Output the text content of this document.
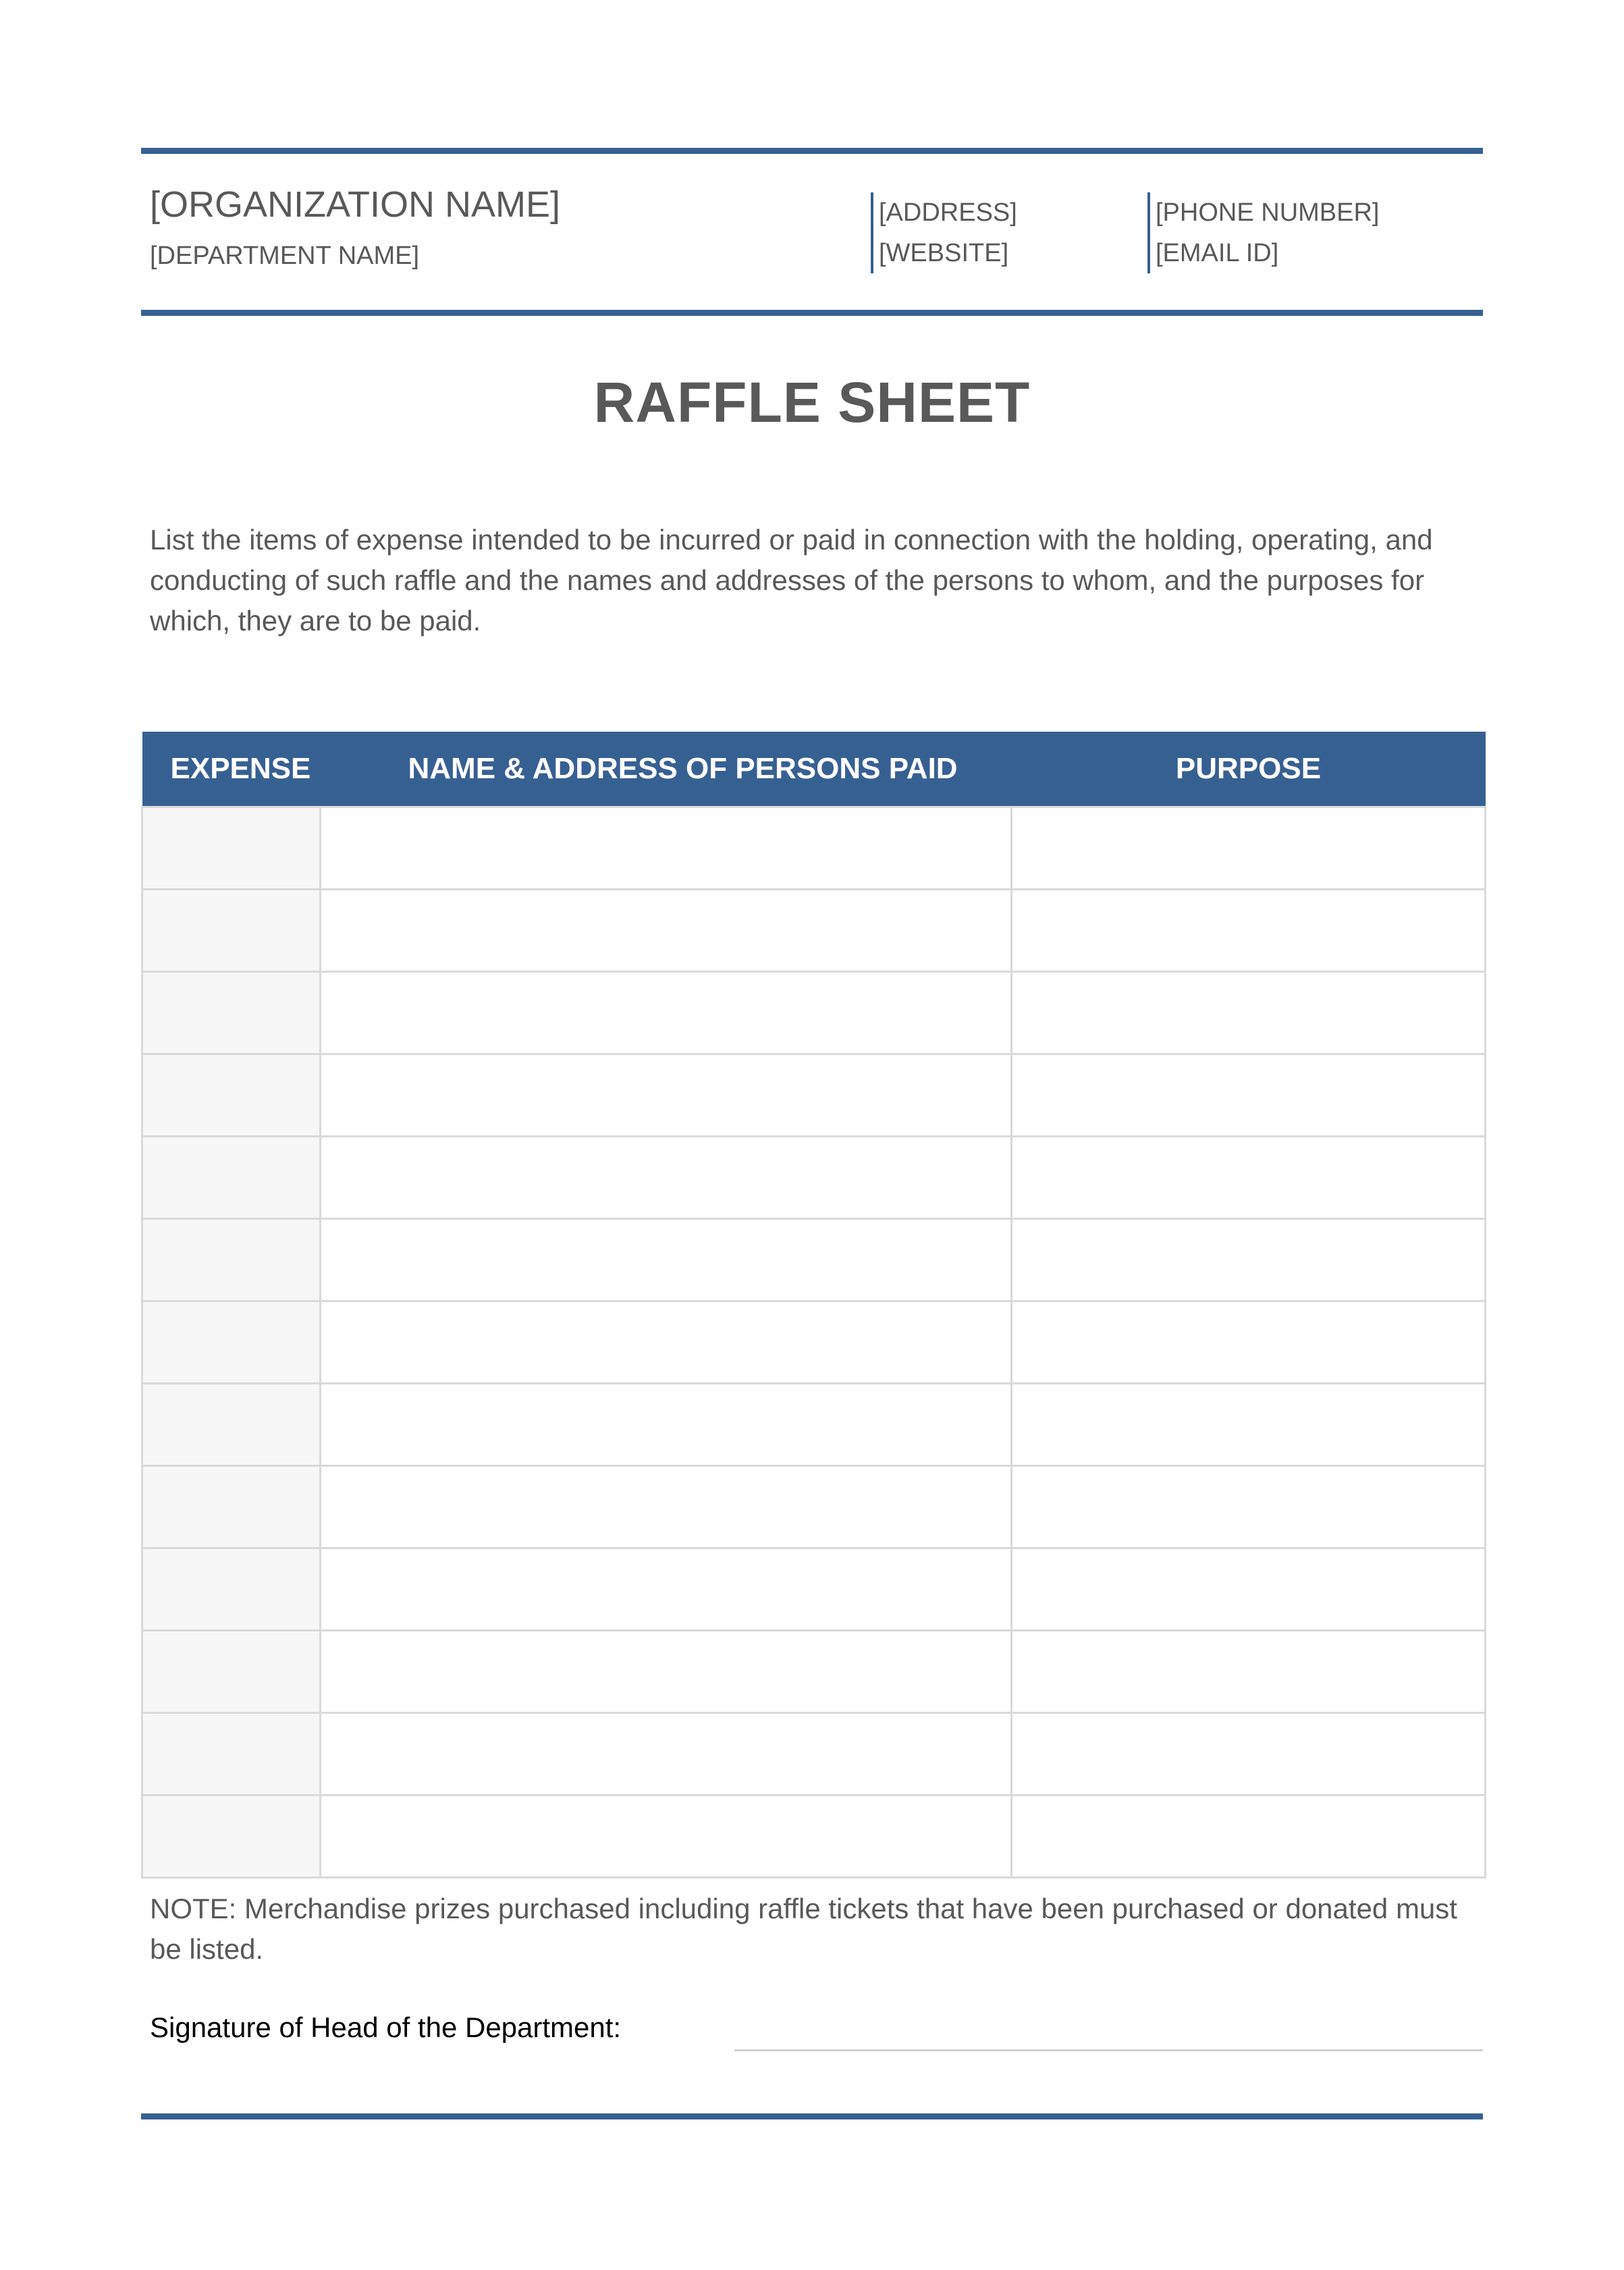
[ORGANIZATION NAME]
[DEPARTMENT NAME]
[ADDRESS]
[WEBSITE]
[PHONE NUMBER]
[EMAIL ID]
RAFFLE SHEET
List the items of expense intended to be incurred or paid in connection with the holding, operating, and conducting of such raffle and the names and addresses of the persons to whom, and the purposes for which, they are to be paid.
EXPENSE	NAME & ADDRESS OF PERSONS PAID	PURPOSE

NOTE: Merchandise prizes purchased including raffle tickets that have been purchased or donated must be listed.
Signature of Head of the Department:
